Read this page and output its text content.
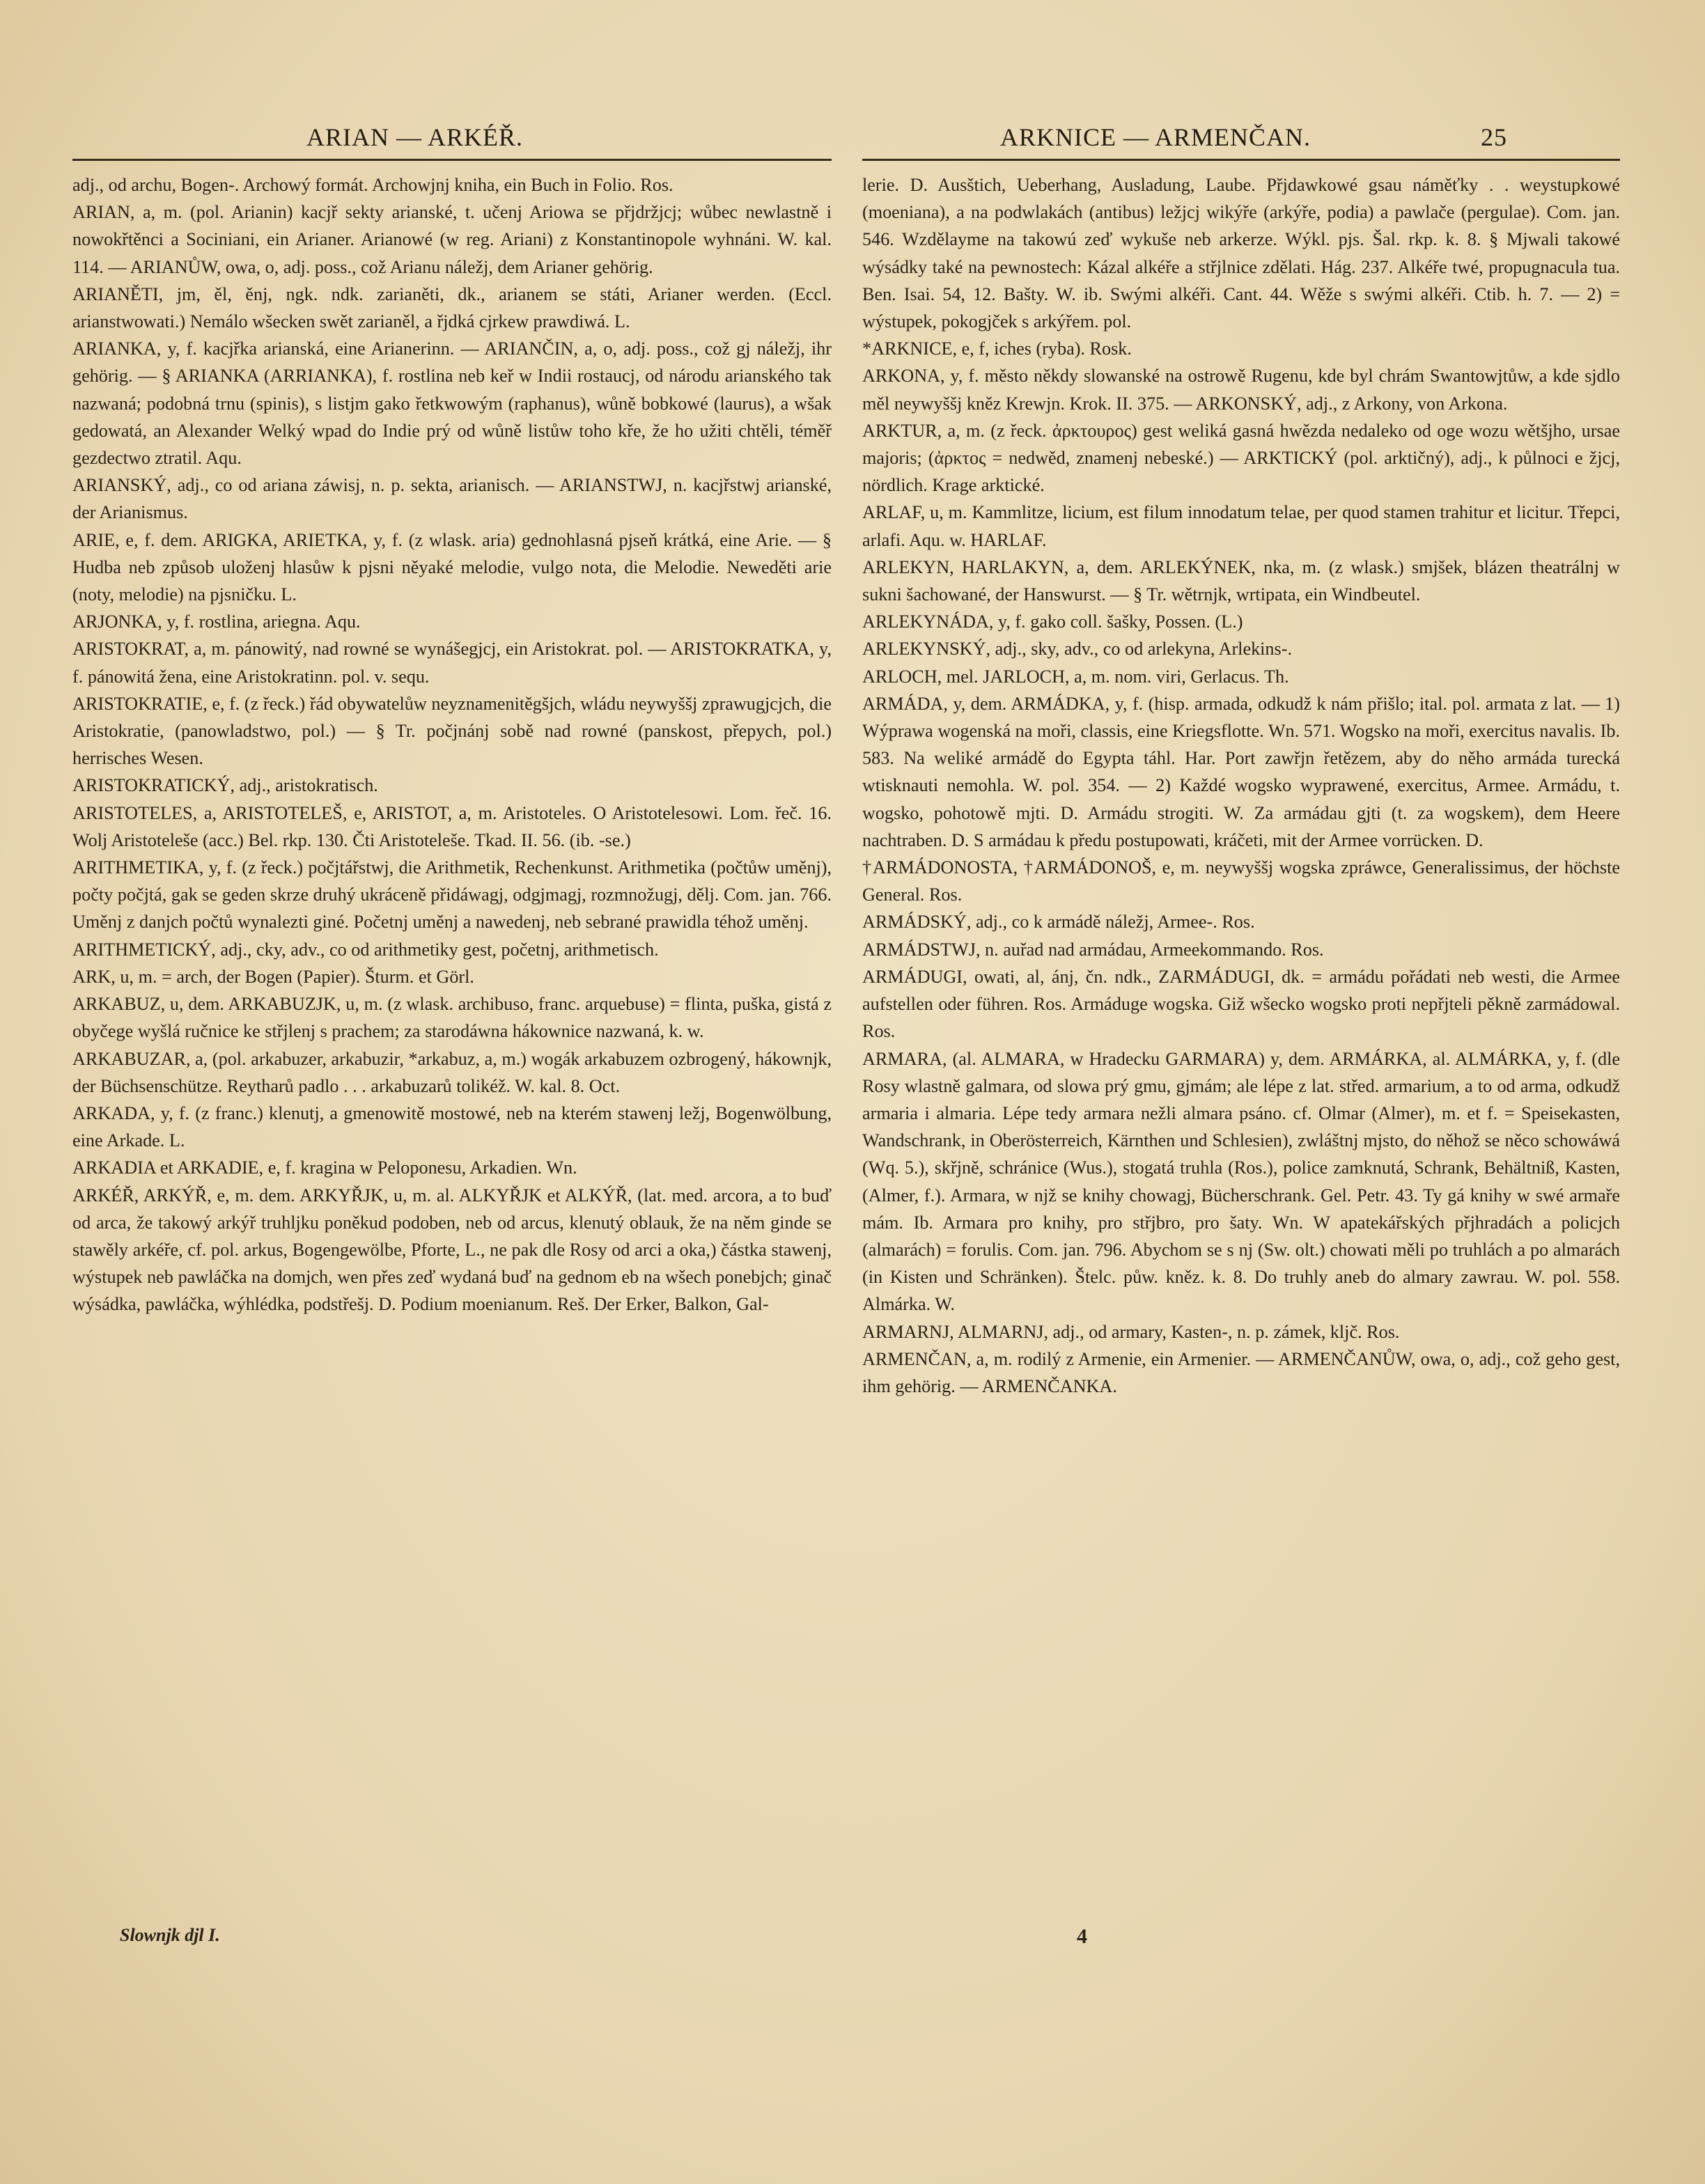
ARIAN — ARKÉŘ.	ARKNICE — ARMENČAN.	25

adj., od archu, Bogen-. Archowý formát. Archowjnj kniha, ein Buch in Folio. Ros.

ARIAN, a, m. (pol. Arianin) kacjř sekty arianské, t. učenj Ariowa se přjdržjcj; wůbec newlastně i nowokřtěnci a Sociniani, ein Arianer. Arianowé (w reg. Ariani) z Konstantinopole wyhnáni. W. kal. 114. — ARIANŮW, owa, o, adj. poss., což Arianu náležj, dem Arianer gehörig.

ARIANĚTI, jm, ěl, ěnj, ngk. ndk. zarianěti, dk., arianem se státi, Arianer werden. (Eccl. arianstwowati.) Nemálo wšecken swět zarianěl, a řjdká cjrkew prawdiwá. L.

ARIANKA, y, f. kacjřka arianská, eine Arianerinn. — ARIANČIN, a, o, adj. poss., což gj náležj, ihr gehörig. — § ARIANKA (ARRIANKA), f. rostlina neb keř w Indii rostaucj, od národu arianského tak nazwaná; podobná trnu (spinis), s listjm gako řetkwowým (raphanus), wůně bobkowé (laurus), a wšak gedowatá, an Alexander Welký wpad do Indie prý od wůně listůw toho kře, že ho užiti chtěli, téměř gezdectwo ztratil. Aqu.

ARIANSKÝ, adj., co od ariana záwisj, n. p. sekta, arianisch. — ARIANSTWJ, n. kacjřstwj arianské, der Arianismus.

ARIE, e, f. dem. ARIGKA, ARIETKA, y, f. (z wlask. aria) gednohlasná pjseň krátká, eine Arie. — § Hudba neb způsob uloženj hlasůw k pjsni něyaké melodie, vulgo nota, die Melodie. Neweděti arie (noty, melodie) na pjsničku. L.

ARJONKA, y, f. rostlina, ariegna. Aqu.

ARISTOKRAT, a, m. pánowitý, nad rowné se wynášegjcj, ein Aristokrat. pol. — ARISTOKRATKA, y, f. pánowitá žena, eine Aristokratinn. pol. v. sequ.

ARISTOKRATIE, e, f. (z řeck.) řád obywatelůw neyznamenitěgšjch, wládu neywyššj zprawugjcjch, die Aristokratie, (panowladstwo, pol.) — § Tr. počjnánj sobě nad rowné (panskost, přepych, pol.) herrisches Wesen.

ARISTOKRATICKÝ, adj., aristokratisch.

ARISTOTELES, a, ARISTOTELEŠ, e, ARISTOT, a, m. Aristoteles. O Aristotelesowi. Lom. řeč. 16. Wolj Aristoteleše (acc.) Bel. rkp. 130. Čti Aristoteleše. Tkad. II. 56. (ib. -se.)

ARITHMETIKA, y, f. (z řeck.) počjtářstwj, die Arithmetik, Rechenkunst. Arithmetika (počtůw uměnj), počty počjtá, gak se geden skrze druhý ukráceně přidáwagj, odgjmagj, rozmnožugj, dělj. Com. jan. 766. Uměnj z danjch počtů wynalezti giné. Početnj uměnj a nawedenj, neb sebrané prawidla téhož uměnj.

ARITHMETICKÝ, adj., cky, adv., co od arithmetiky gest, početnj, arithmetisch.

ARK, u, m. = arch, der Bogen (Papier). Šturm. et Görl.

ARKABUZ, u, dem. ARKABUZJK, u, m. (z wlask. archibuso, franc. arquebuse) = flinta, puška, gistá z obyčege wyšlá ručnice ke střjlenj s prachem; za starodáwna hákownice nazwaná, k. w.

ARKABUZAR, a, (pol. arkabuzer, arkabuzir, *arkabuz, a, m.) wogák arkabuzem ozbrogený, hákownjk, der Büchsenschütze. Reytharů padlo . . . arkabuzarů tolikéž. W. kal. 8. Oct.

ARKADA, y, f. (z franc.) klenutj, a gmenowitě mostowé, neb na kterém stawenj ležj, Bogenwölbung, eine Arkade. L.

ARKADIA et ARKADIE, e, f. kragina w Peloponesu, Arkadien. Wn.

ARKÉŘ, ARKÝŘ, e, m. dem. ARKYŘJK, u, m. al. ALKYŘJK et ALKÝŘ, (lat. med. arcora, a to buď od arca, že takowý arkýř truhljku poněkud podoben, neb od arcus, klenutý oblauk, že na něm ginde se stawěly arkéře, cf. pol. arkus, Bogengewölbe, Pforte, L., ne pak dle Rosy od arci a oka,) částka stawenj, wýstupek neb pawláčka na domjch, wen přes zeď wydaná buď na gednom eb na wšech ponebjch; ginač wýsádka, pawláčka, wýhlédka, podstřešj. D. Podium moenianum. Reš. Der Erker, Balkon, Gal-

lerie. D. Ausštich, Ueberhang, Ausladung, Laube. Přjdawkowé gsau náměťky . . weystupkowé (moeniana), a na podwlakách (antibus) ležjcj wikýře (arkýře, podia) a pawlače (pergulae). Com. jan. 546. Wzdělayme na takowú zeď wykuše neb arkerze. Wýkl. pjs. Šal. rkp. k. 8. § Mjwali takowé wýsádky také na pewnostech: Kázal alkéře a střjlnice zdělati. Hág. 237. Alkéře twé, propugnacula tua. Ben. Isai. 54, 12. Bašty. W. ib. Swými alkéři. Cant. 44. Wěže s swými alkéři. Ctib. h. 7. — 2) = wýstupek, pokogjček s arkýřem. pol.

*ARKNICE, e, f, iches (ryba). Rosk.

ARKONA, y, f. město někdy slowanské na ostrowě Rugenu, kde byl chrám Swantowjtůw, a kde sjdlo měl neywyššj kněz Krewjn. Krok. II. 375. — ARKONSKÝ, adj., z Arkony, von Arkona.

ARKTUR, a, m. (z řeck. ἀρκτουρος) gest weliká gasná hwězda nedaleko od oge wozu wětšjho, ursae majoris; (ἀρκτος = nedwěd, znamenj nebeské.) — ARKTICKÝ (pol. arktičný), adj., k půlnoci e žjcj, nördlich. Krage arktické.

ARLAF, u, m. Kammlitze, licium, est filum innodatum telae, per quod stamen trahitur et licitur. Třepci, arlafi. Aqu. w. HARLAF.

ARLEKYN, HARLAKYN, a, dem. ARLEKÝNEK, nka, m. (z wlask.) smjšek, blázen theatrálnj w sukni šachowané, der Hanswurst. — § Tr. wětrnjk, wrtipata, ein Windbeutel.

ARLEKYNÁDA, y, f. gako coll. šašky, Possen. (L.)

ARLEKYNSKÝ, adj., sky, adv., co od arlekyna, Arlekins-.

ARLOCH, mel. JARLOCH, a, m. nom. viri, Gerlacus. Th.

ARMÁDA, y, dem. ARMÁDKA, y, f. (hisp. armada, odkudž k nám přišlo; ital. pol. armata z lat. — 1) Wýprawa wogenská na moři, classis, eine Kriegsflotte. Wn. 571. Wogsko na moři, exercitus navalis. Ib. 583. Na weliké armádě do Egypta táhl. Har. Port zawřjn řetězem, aby do něho armáda turecká wtisknauti nemohla. W. pol. 354. — 2) Každé wogsko wyprawené, exercitus, Armee. Armádu, t. wogsko, pohotowě mjti. D. Armádu strogiti. W. Za armádau gjti (t. za wogskem), dem Heere nachtraben. D. S armádau k předu postupowati, kráčeti, mit der Armee vorrücken. D.

†ARMÁDONOSTA, †ARMÁDONOŠ, e, m. neywyššj wogska zpráwce, Generalissimus, der höchste General. Ros.

ARMÁDSKÝ, adj., co k armádě náležj, Armee-. Ros.

ARMÁDSTWJ, n. auřad nad armádau, Armeekommando. Ros.

ARMÁDUGI, owati, al, ánj, čn. ndk., ZARMÁDUGI, dk. = armádu pořádati neb westi, die Armee aufstellen oder führen. Ros. Armáduge wogska. Giž wšecko wogsko proti nepřjteli pěkně zarmádowal. Ros.

ARMARA, (al. ALMARA, w Hradecku GARMARA) y, dem. ARMÁRKA, al. ALMÁRKA, y, f. (dle Rosy wlastně galmara, od slowa prý gmu, gjmám; ale lépe z lat. střed. armarium, a to od arma, odkudž armaria i almaria. Lépe tedy armara nežli almara psáno. cf. Olmar (Almer), m. et f. = Speisekasten, Wandschrank, in Oberösterreich, Kärnthen und Schlesien), zwláštnj mjsto, do něhož se něco schowáwá (Wq. 5.), skřjně, schránice (Wus.), stogatá truhla (Ros.), police zamknutá, Schrank, Behältniß, Kasten, (Almer, f.). Armara, w njž se knihy chowagj, Bücherschrank. Gel. Petr. 43. Ty gá knihy w swé armaře mám. Ib. Armara pro knihy, pro střjbro, pro šaty. Wn. W apatekářských přjhradách a policjch (almarách) = forulis. Com. jan. 796. Abychom se s nj (Sw. olt.) chowati měli po truhlách a po almarách (in Kisten und Schränken). Štelc. půw. kněz. k. 8. Do truhly aneb do almary zawrau. W. pol. 558. Almárka. W.

ARMARNJ, ALMARNJ, adj., od armary, Kasten-, n. p. zámek, kljč. Ros.

ARMENČAN, a, m. rodilý z Armenie, ein Armenier. — ARMENČANŮW, owa, o, adj., což geho gest, ihm gehörig. — ARMENČANKA.

Slownjk djl I.	4
